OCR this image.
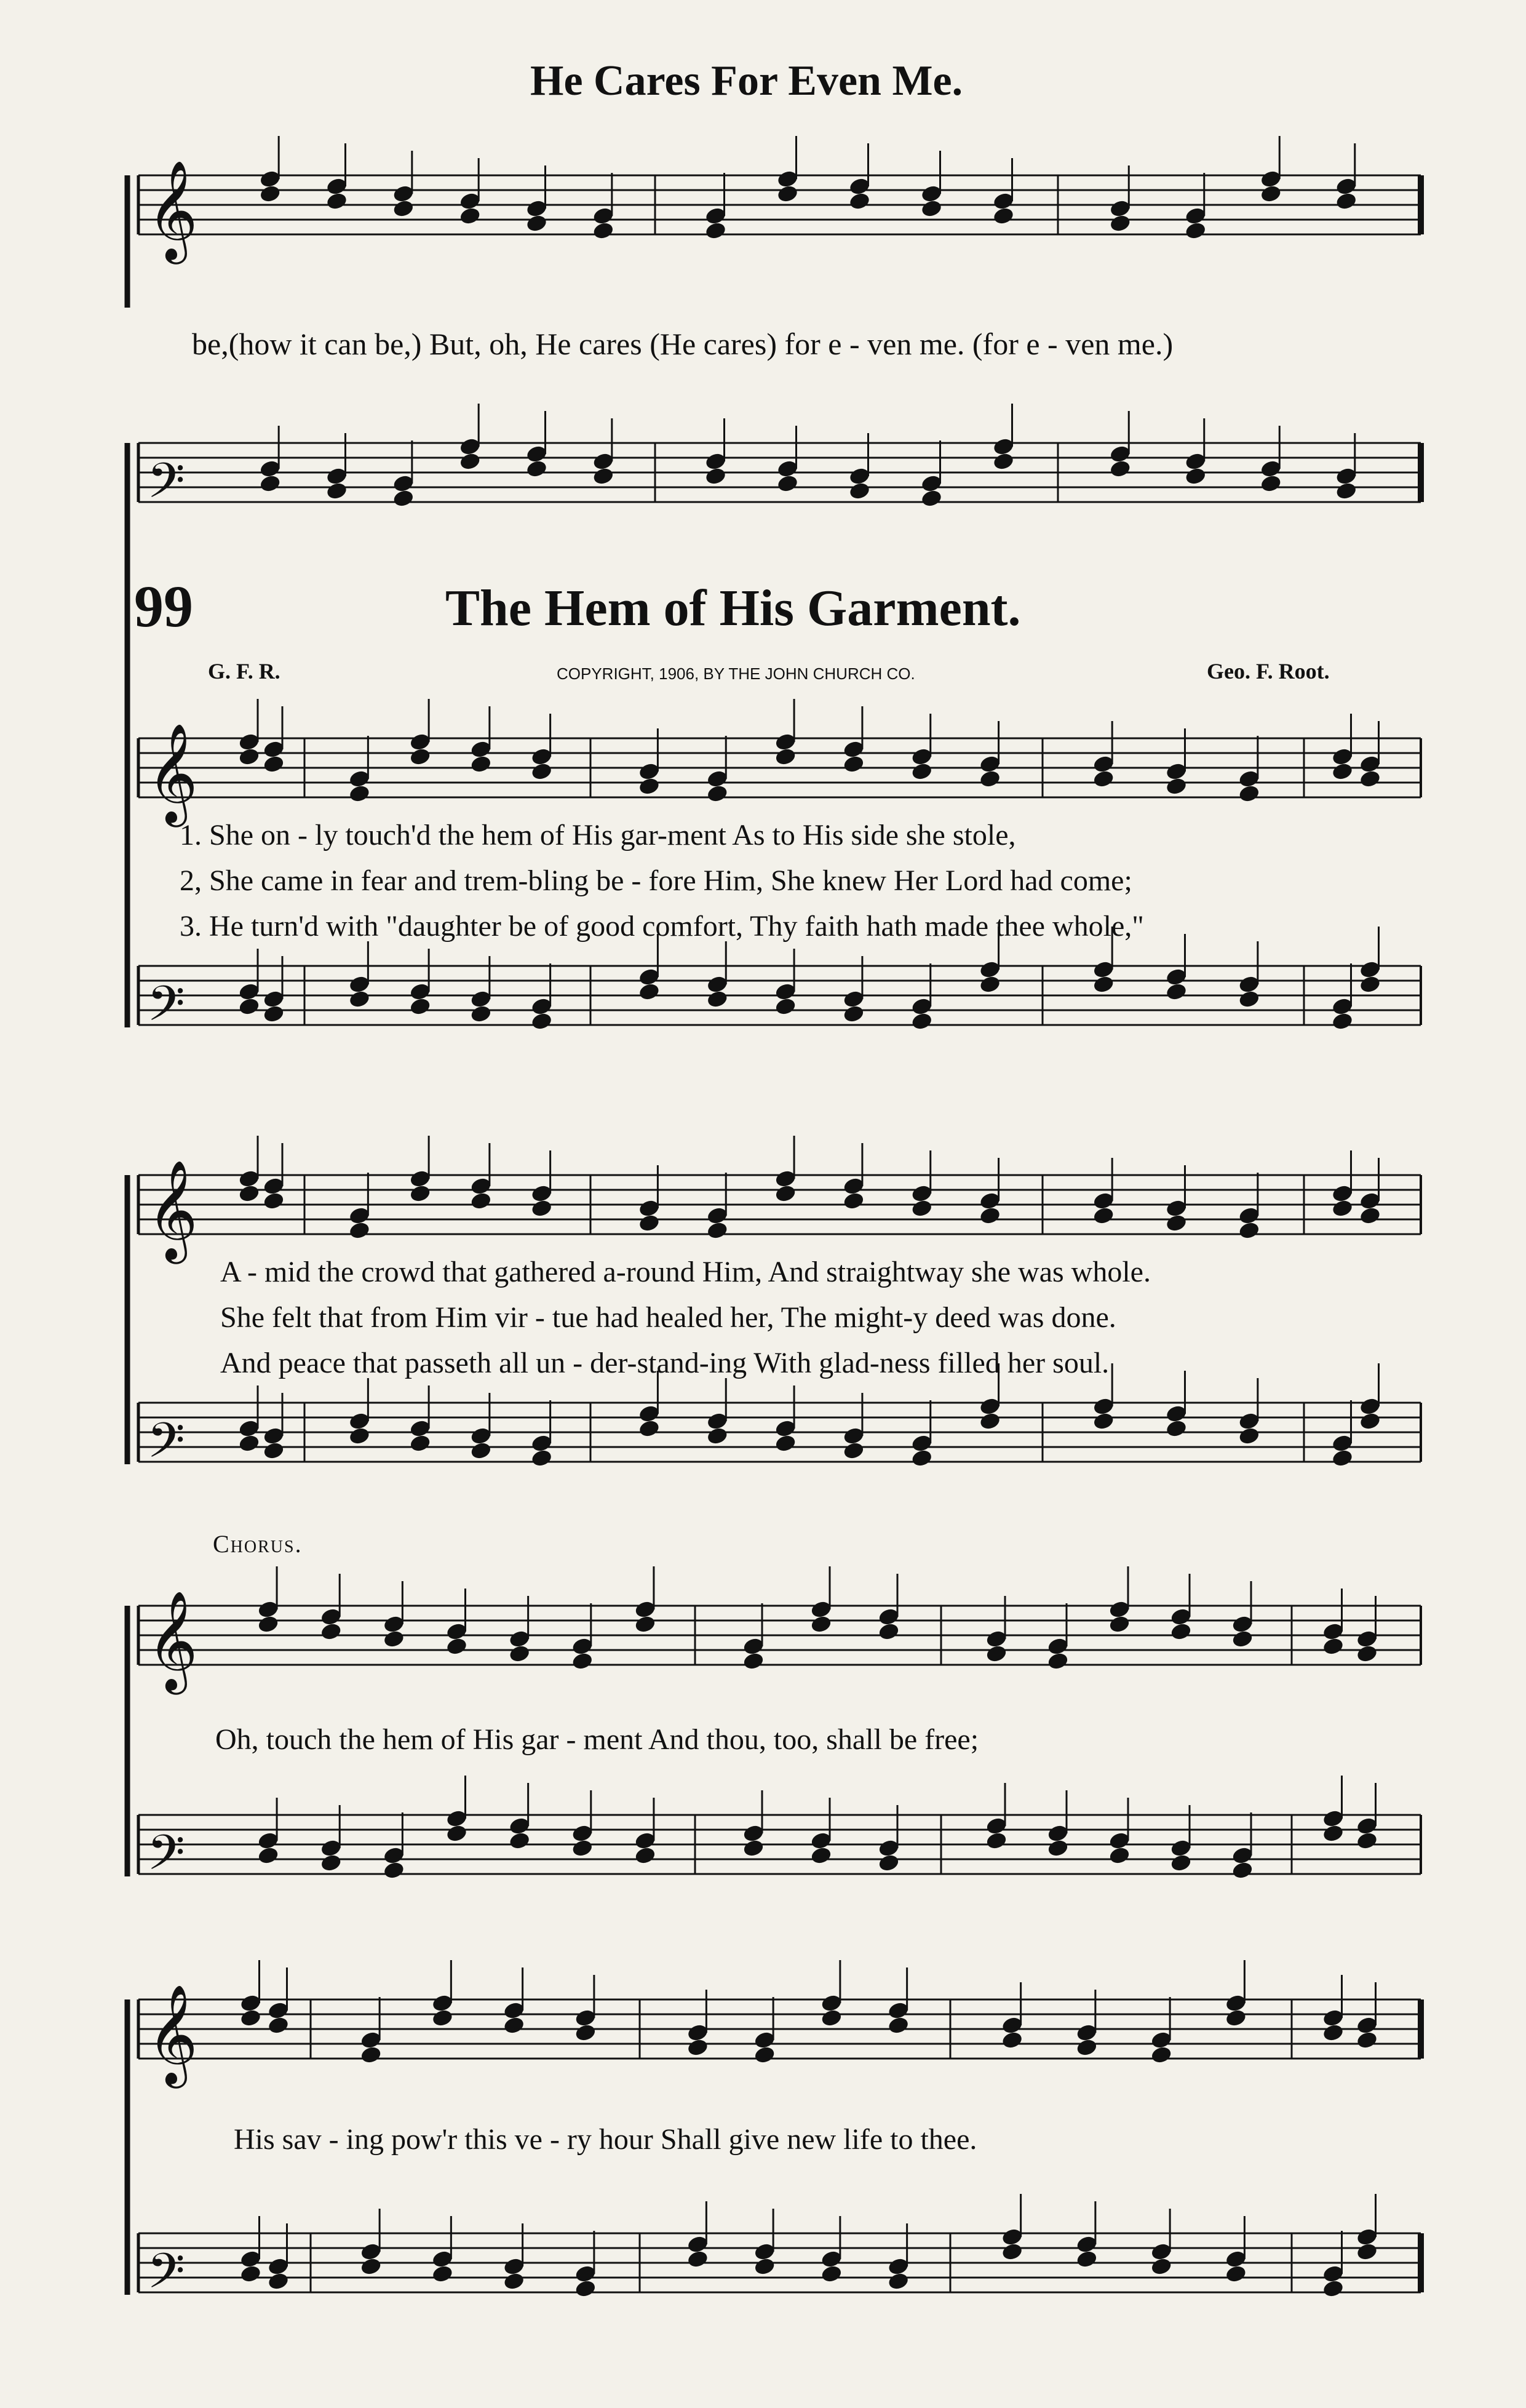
𝄞
𝄢
𝄞
𝄢
𝄞
𝄢
𝄞
𝄢
𝄞
𝄢
He Cares For Even Me.
be,(how it can be,) But, oh, He cares (He cares) for e - ven me. (for e - ven me.)
99	The Hem of His Garment.
G. F. R.	COPYRIGHT, 1906, BY THE JOHN CHURCH CO.	Geo. F. Root.
1. She on - ly touch'd the hem of His gar-ment As to His side she stole,
2, She came in fear and trem-bling be - fore Him, She knew Her Lord had come;
3. He turn'd with "daughter be of good comfort, Thy faith hath made thee whole,"
A - mid the crowd that gathered a-round Him, And straightway she was whole.
She felt that from Him vir - tue had healed her, The might-y deed was done.
And peace that passeth all un - der-stand-ing With glad-ness filled her soul.
Chorus.
Oh, touch the hem of His gar - ment And thou, too, shall be free;
His sav - ing pow'r this ve - ry hour Shall give new life to thee.
